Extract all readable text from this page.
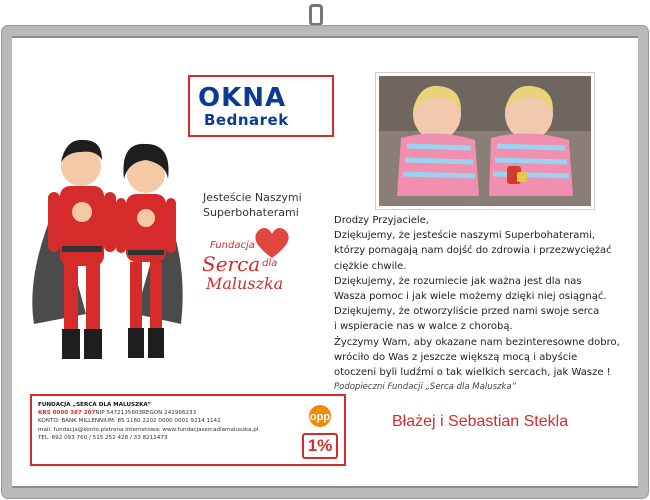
OKNA
Bednarek
Jesteście Naszymi
Superbohaterami
Fundacja
Serca dla
Maluszka

Drodzy Przyjaciele,

Dziękujemy, że jesteście naszymi Superbohaterami,

którzy pomagają nam dojść do zdrowia i przezwyciężać

ciężkie chwile.

Dziękujemy, że rozumiecie jak ważna jest dla nas

Wasza pomoc i jak wiele możemy dzięki niej osiągnąć.

Dziękujemy, że otworzyliście przed nami swoje serca

i wspieracie nas w walce z chorobą.

Życzymy Wam, aby okazane nam bezinteresowne dobro,

wróciło do Was z jeszcze większą mocą i abyście

otoczeni byli ludźmi o tak wielkich sercach, jak Wasze !

Podopieczni Fundacji „Serca dla Maluszka”

FUNDACJA „SERCA DLA MALUSZKA”
KRS 0000 387 207NIP 5472135603REGON 241966233
KONTO: BANK MILLENNIUM: 85 1160 2202 0000 0001 9214 1142
mail: fundacja@konto.plstrona internetowa: www.fundacjasercadlamaluszka.pl
TEL. 692 093 760 / 515 252 428 / 33 8211473
opp
1%
Błażej i Sebastian Stekla
